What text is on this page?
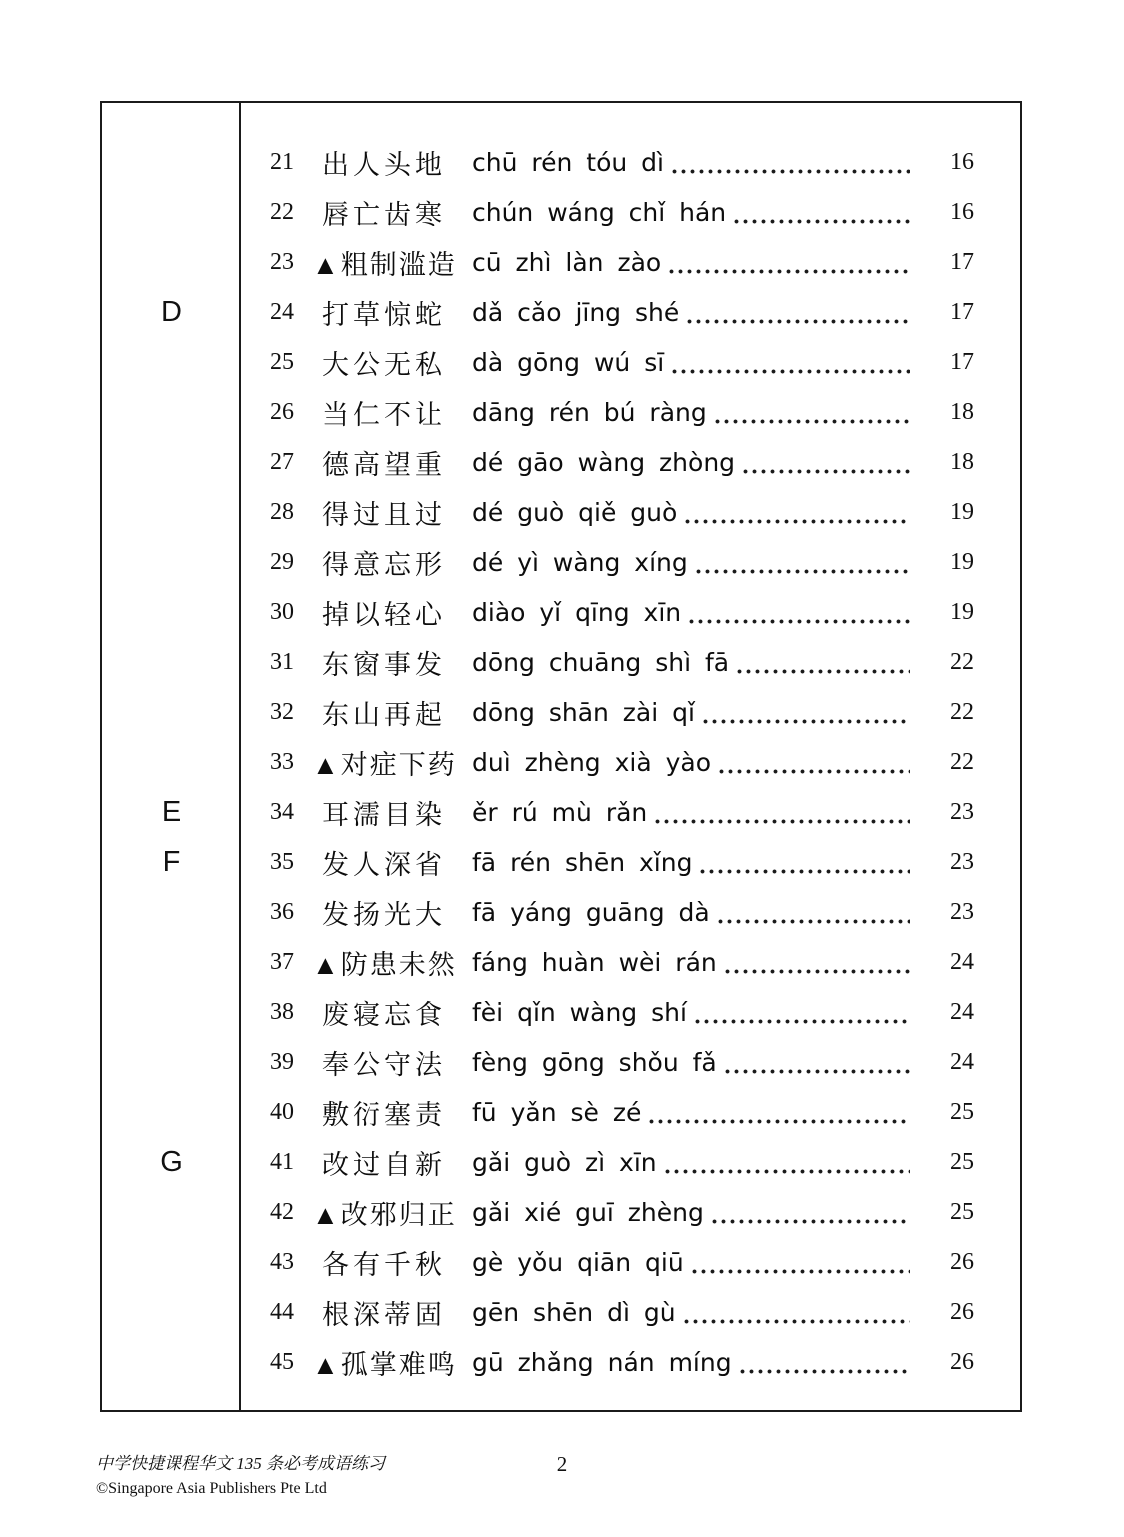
21	出人头地	chū rén tóu dì	16
22	唇亡齿寒	chún wáng chǐ hán	16
23 ▲粗制滥造 cū zhì làn zào	17
D	24	打草惊蛇	dǎ cǎo jīng shé	17
25	大公无私	dà gōng wú sī	17
26	当仁不让	dāng rén bú ràng	18
27	德高望重	dé gāo wàng zhòng	18
28	得过且过	dé guò qiě guò	19
29	得意忘形	dé yì wàng xíng	19
30	掉以轻心	diào yǐ qīng xīn	19
31	东窗事发	dōng chuāng shì fā	22
32	东山再起	dōng shān zài qǐ	22
33 ▲对症下药 duì zhèng xià yào	22
E	34	耳濡目染	ěr rú mù rǎn	23
F	35	发人深省	fā rén shēn xǐng	23
36	发扬光大	fā yáng guāng dà	23
37 ▲防患未然 fáng huàn wèi rán	24
38	废寝忘食	fèi qǐn wàng shí	24
39	奉公守法	fèng gōng shǒu fǎ	24
40	敷衍塞责	fū yǎn sè zé	25
G	41	改过自新	gǎi guò zì xīn	25
42 ▲改邪归正 gǎi xié guī zhèng	25
43	各有千秋	gè yǒu qiān qiū	26
44	根深蒂固	gēn shēn dì gù	26
45 ▲孤掌难鸣 gū zhǎng nán míng	26
中学快捷课程华文 135 条必考成语练习
©Singapore Asia Publishers Pte Ltd
2
